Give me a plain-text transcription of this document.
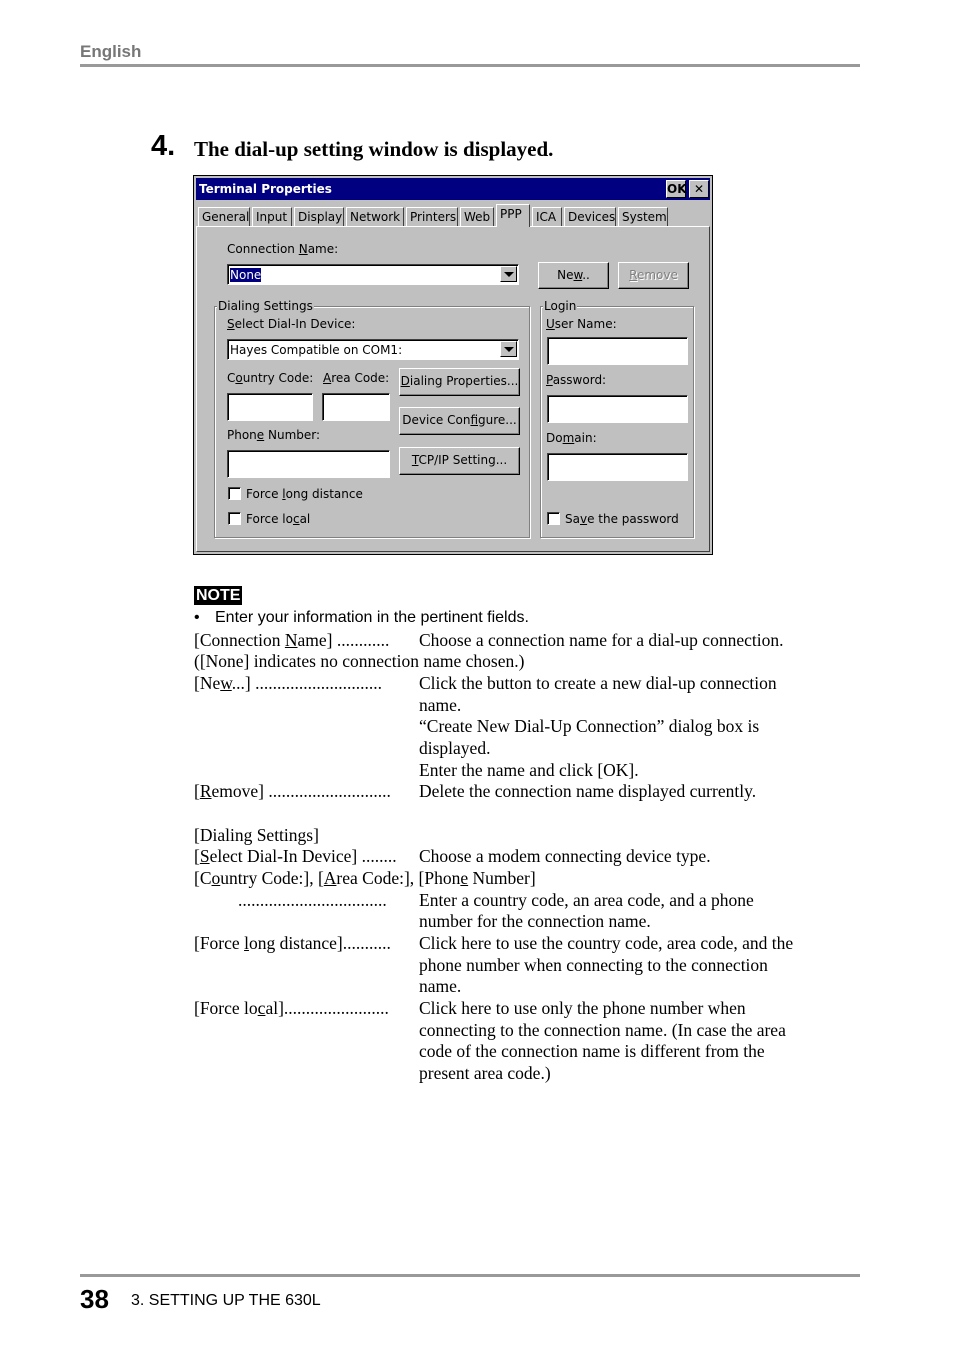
English
4. The dial-up setting window is displayed.
Terminal Properties	OK ✕
General Input Display Network Printers Web PPP	ICA Devices System
Connection Name:
None	New..	Remove
Dialing Settings
Select Dial-In Device:
Hayes Compatible on COM1:
Country Code: Area Code:
Phone Number:
Dialing Properties...
Device Configure...
TCP/IP Setting...
Force long distance
Force local
Login
User Name:
Password:
Domain:
Save the password
NOTE
• Enter your information in the pertinent fields.
[Connection Name] ............ Choose a connection name for a dial-up connection.
([None] indicates no connection name chosen.)
[New...] ............................. Click the button to create a new dial-up connection
name.
“Create New Dial-Up Connection” dialog box is
displayed.
Enter the name and click [OK].
[Remove] ............................ Delete the connection name displayed currently.
[Dialing Settings]
[Select Dial-In Device] ........ Choose a modem connecting device type.
[Country Code:], [Area Code:], [Phone Number]
.................................. Enter a country code, an area code, and a phone
number for the connection name.
[Force long distance]........... Click here to use the country code, area code, and the
phone number when connecting to the connection
name.
[Force local]........................ Click here to use only the phone number when
connecting to the connection name. (In case the area
code of the connection name is different from the
present area code.)
38 3. SETTING UP THE 630L
